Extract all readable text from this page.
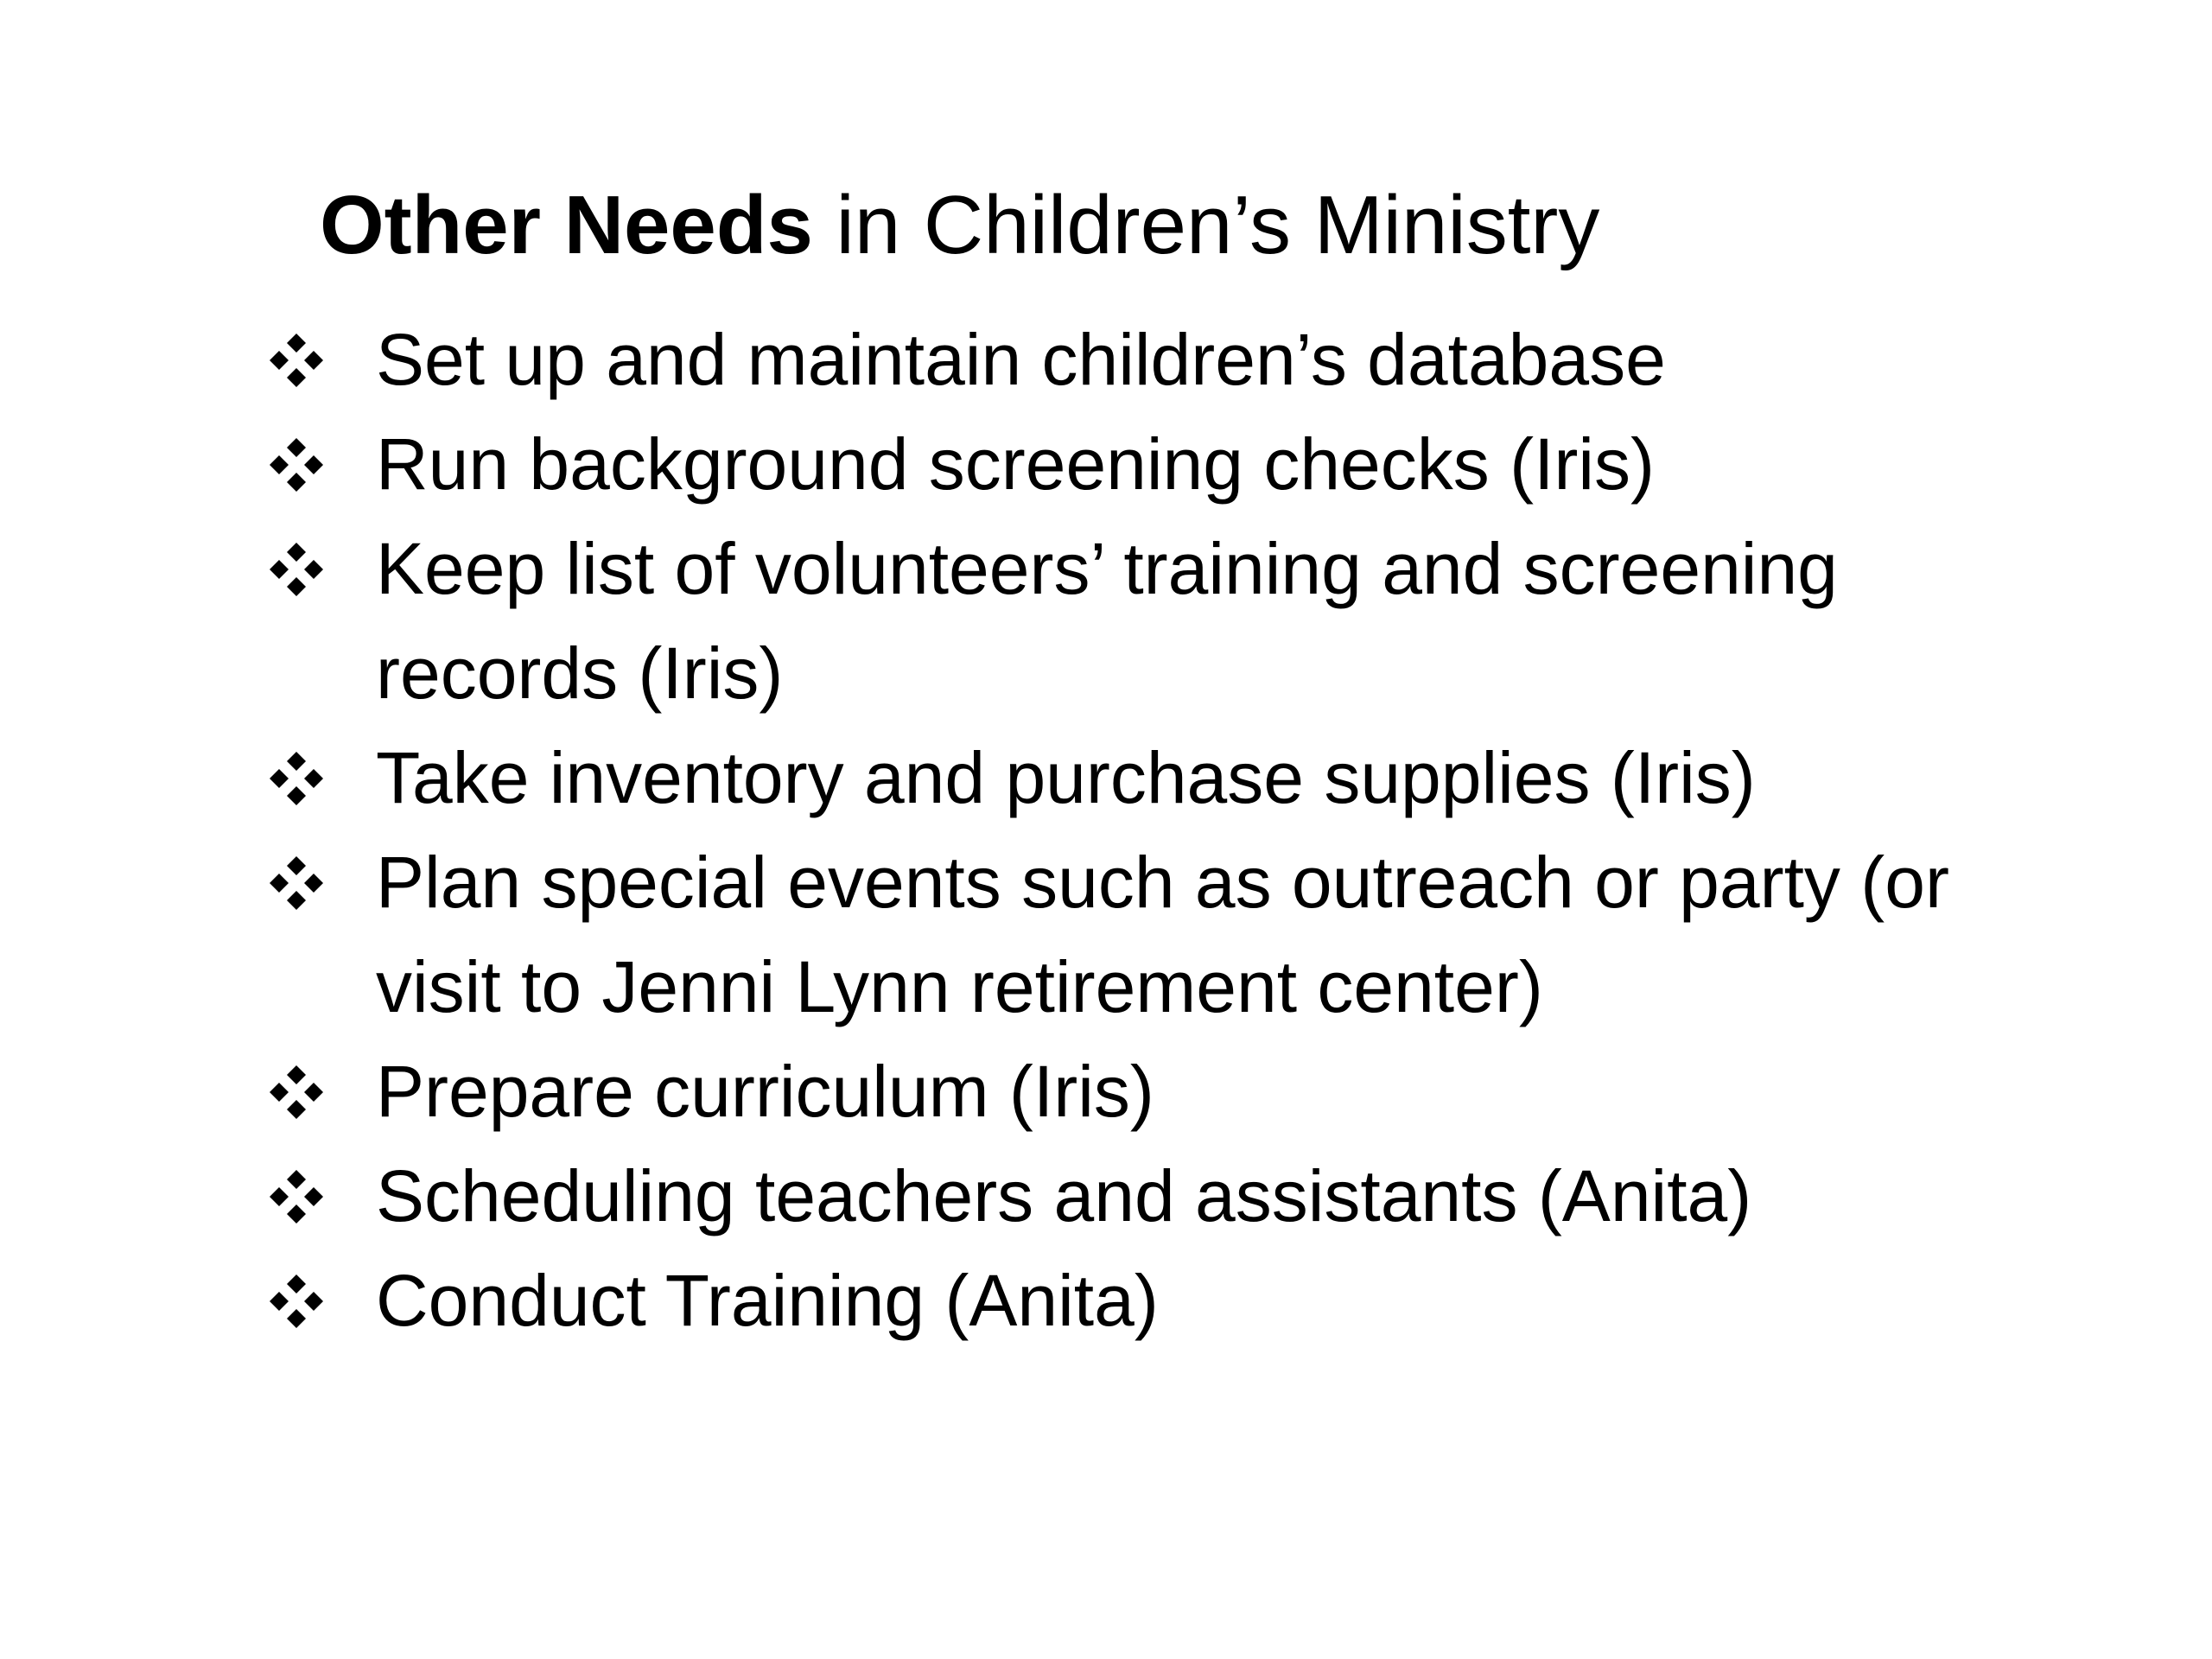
Other Needs in Children’s Ministry
Set up and maintain children’s database
Run background screening checks (Iris)
Keep list of volunteers’ training and screening records (Iris)
Take inventory and purchase supplies (Iris)
Plan special events such as outreach or party (or visit to Jenni Lynn retirement center)
Prepare curriculum (Iris)
Scheduling teachers and assistants (Anita)
Conduct Training (Anita)
